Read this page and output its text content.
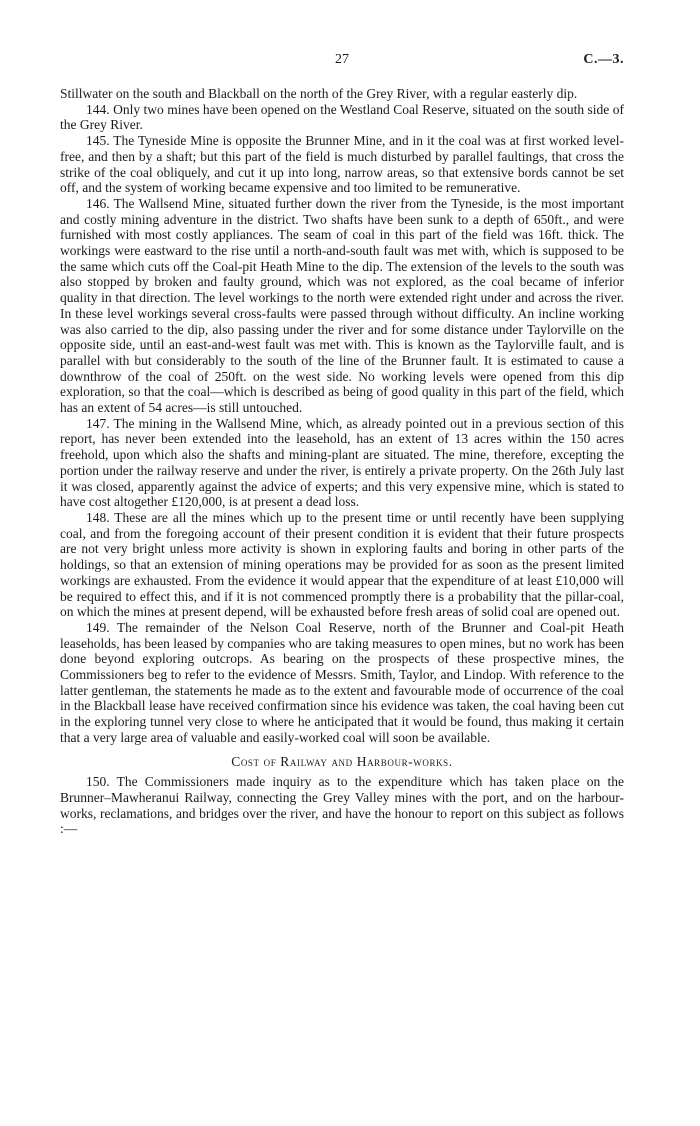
27	C.—3.

Stillwater on the south and Blackball on the north of the Grey River, with a regular easterly dip.

144. Only two mines have been opened on the Westland Coal Reserve, situated on the south side of the Grey River.

145. The Tyneside Mine is opposite the Brunner Mine, and in it the coal was at first worked level-free, and then by a shaft; but this part of the field is much disturbed by parallel faultings, that cross the strike of the coal obliquely, and cut it up into long, narrow areas, so that extensive bords cannot be set off, and the system of working became expensive and too limited to be remunerative.

146. The Wallsend Mine, situated further down the river from the Tyneside, is the most important and costly mining adventure in the district. Two shafts have been sunk to a depth of 650ft., and were furnished with most costly appliances. The seam of coal in this part of the field was 16ft. thick. The workings were eastward to the rise until a north-and-south fault was met with, which is supposed to be the same which cuts off the Coal-pit Heath Mine to the dip. The extension of the levels to the south was also stopped by broken and faulty ground, which was not explored, as the coal became of inferior quality in that direction. The level workings to the north were extended right under and across the river. In these level workings several cross-faults were passed through without difficulty. An incline working was also carried to the dip, also passing under the river and for some distance under Taylorville on the opposite side, until an east-and-west fault was met with. This is known as the Taylorville fault, and is parallel with but considerably to the south of the line of the Brunner fault. It is estimated to cause a downthrow of the coal of 250ft. on the west side. No working levels were opened from this dip exploration, so that the coal—which is described as being of good quality in this part of the field, which has an extent of 54 acres—is still untouched.

147. The mining in the Wallsend Mine, which, as already pointed out in a previous section of this report, has never been extended into the leasehold, has an extent of 13 acres within the 150 acres freehold, upon which also the shafts and mining-plant are situated. The mine, therefore, excepting the portion under the railway reserve and under the river, is entirely a private property. On the 26th July last it was closed, apparently against the advice of experts; and this very expensive mine, which is stated to have cost altogether £120,000, is at present a dead loss.

148. These are all the mines which up to the present time or until recently have been supplying coal, and from the foregoing account of their present condition it is evident that their future prospects are not very bright unless more activity is shown in exploring faults and boring in other parts of the holdings, so that an extension of mining operations may be provided for as soon as the present limited workings are exhausted. From the evidence it would appear that the expenditure of at least £10,000 will be required to effect this, and if it is not commenced promptly there is a probability that the pillar-coal, on which the mines at present depend, will be exhausted before fresh areas of solid coal are opened out.

149. The remainder of the Nelson Coal Reserve, north of the Brunner and Coal-pit Heath leaseholds, has been leased by companies who are taking measures to open mines, but no work has been done beyond exploring outcrops. As bearing on the prospects of these prospective mines, the Commissioners beg to refer to the evidence of Messrs. Smith, Taylor, and Lindop. With reference to the latter gentleman, the statements he made as to the extent and favourable mode of occurrence of the coal in the Blackball lease have received confirmation since his evidence was taken, the coal having been cut in the exploring tunnel very close to where he anticipated that it would be found, thus making it certain that a very large area of valuable and easily-worked coal will soon be available.

Cost of Railway and Harbour-works.

150. The Commissioners made inquiry as to the expenditure which has taken place on the Brunner–Mawheranui Railway, connecting the Grey Valley mines with the port, and on the harbour-works, reclamations, and bridges over the river, and have the honour to report on this subject as follows :—
